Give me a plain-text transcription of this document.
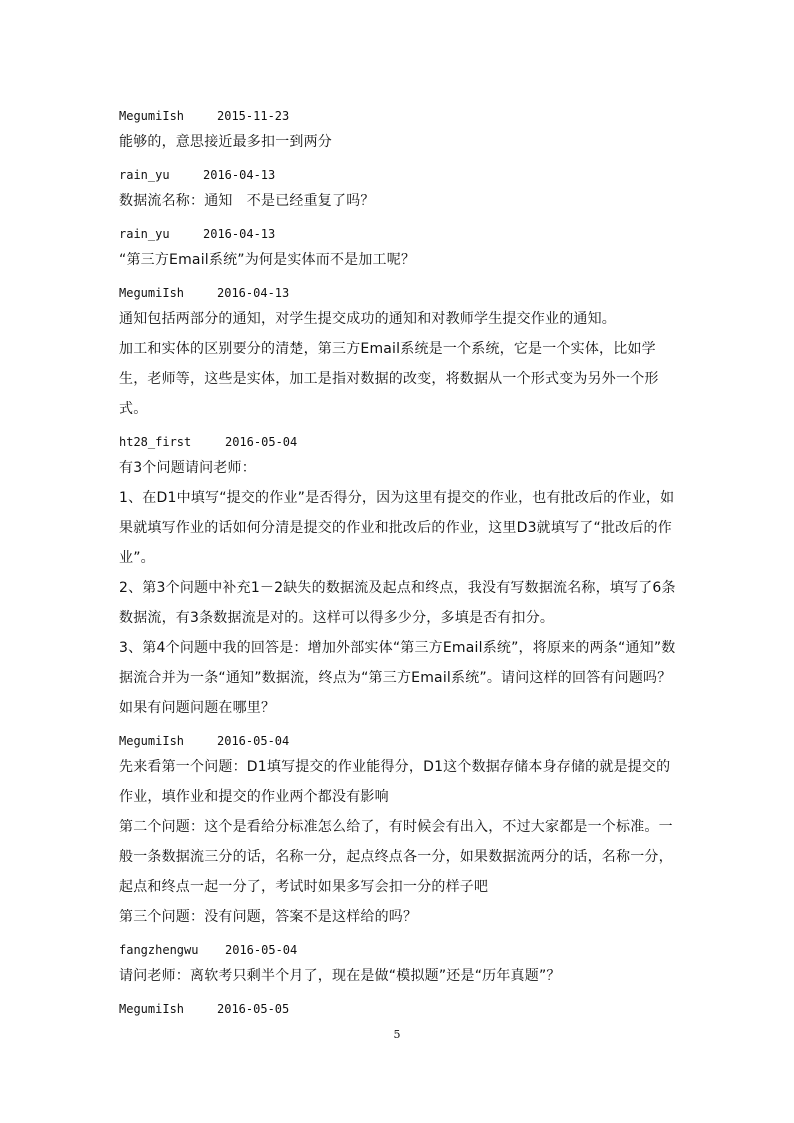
MegumiIsh	2015-11-23

能够的，意思接近最多扣一到两分

rain_yu	2016-04-13

数据流名称：通知　不是已经重复了吗？

rain_yu	2016-04-13

“第三方Email系统”为何是实体而不是加工呢？

MegumiIsh	2016-04-13

通知包括两部分的通知，对学生提交成功的通知和对教师学生提交作业的通知。

加工和实体的区别要分的清楚，第三方Email系统是一个系统，它是一个实体，比如学生，老师等，这些是实体，加工是指对数据的改变，将数据从一个形式变为另外一个形式。

ht28_first	2016-05-04

有3个问题请问老师：

1、在D1中填写“提交的作业”是否得分，因为这里有提交的作业，也有批改后的作业，如果就填写作业的话如何分清是提交的作业和批改后的作业，这里D3就填写了“批改后的作业”。

2、第3个问题中补充1－2缺失的数据流及起点和终点，我没有写数据流名称，填写了6条数据流，有3条数据流是对的。这样可以得多少分，多填是否有扣分。

3、第4个问题中我的回答是：增加外部实体“第三方Email系统”，将原来的两条“通知”数据流合并为一条“通知”数据流，终点为“第三方Email系统”。请问这样的回答有问题吗？如果有问题问题在哪里？

MegumiIsh	2016-05-04

先来看第一个问题：D1填写提交的作业能得分，D1这个数据存储本身存储的就是提交的作业，填作业和提交的作业两个都没有影响

第二个问题：这个是看给分标准怎么给了，有时候会有出入，不过大家都是一个标准。一般一条数据流三分的话，名称一分，起点终点各一分，如果数据流两分的话，名称一分，起点和终点一起一分了，考试时如果多写会扣一分的样子吧

第三个问题：没有问题，答案不是这样给的吗？

fangzhengwu	2016-05-04

请问老师：离软考只剩半个月了，现在是做“模拟题”还是“历年真题”？

MegumiIsh	2016-05-05
5
